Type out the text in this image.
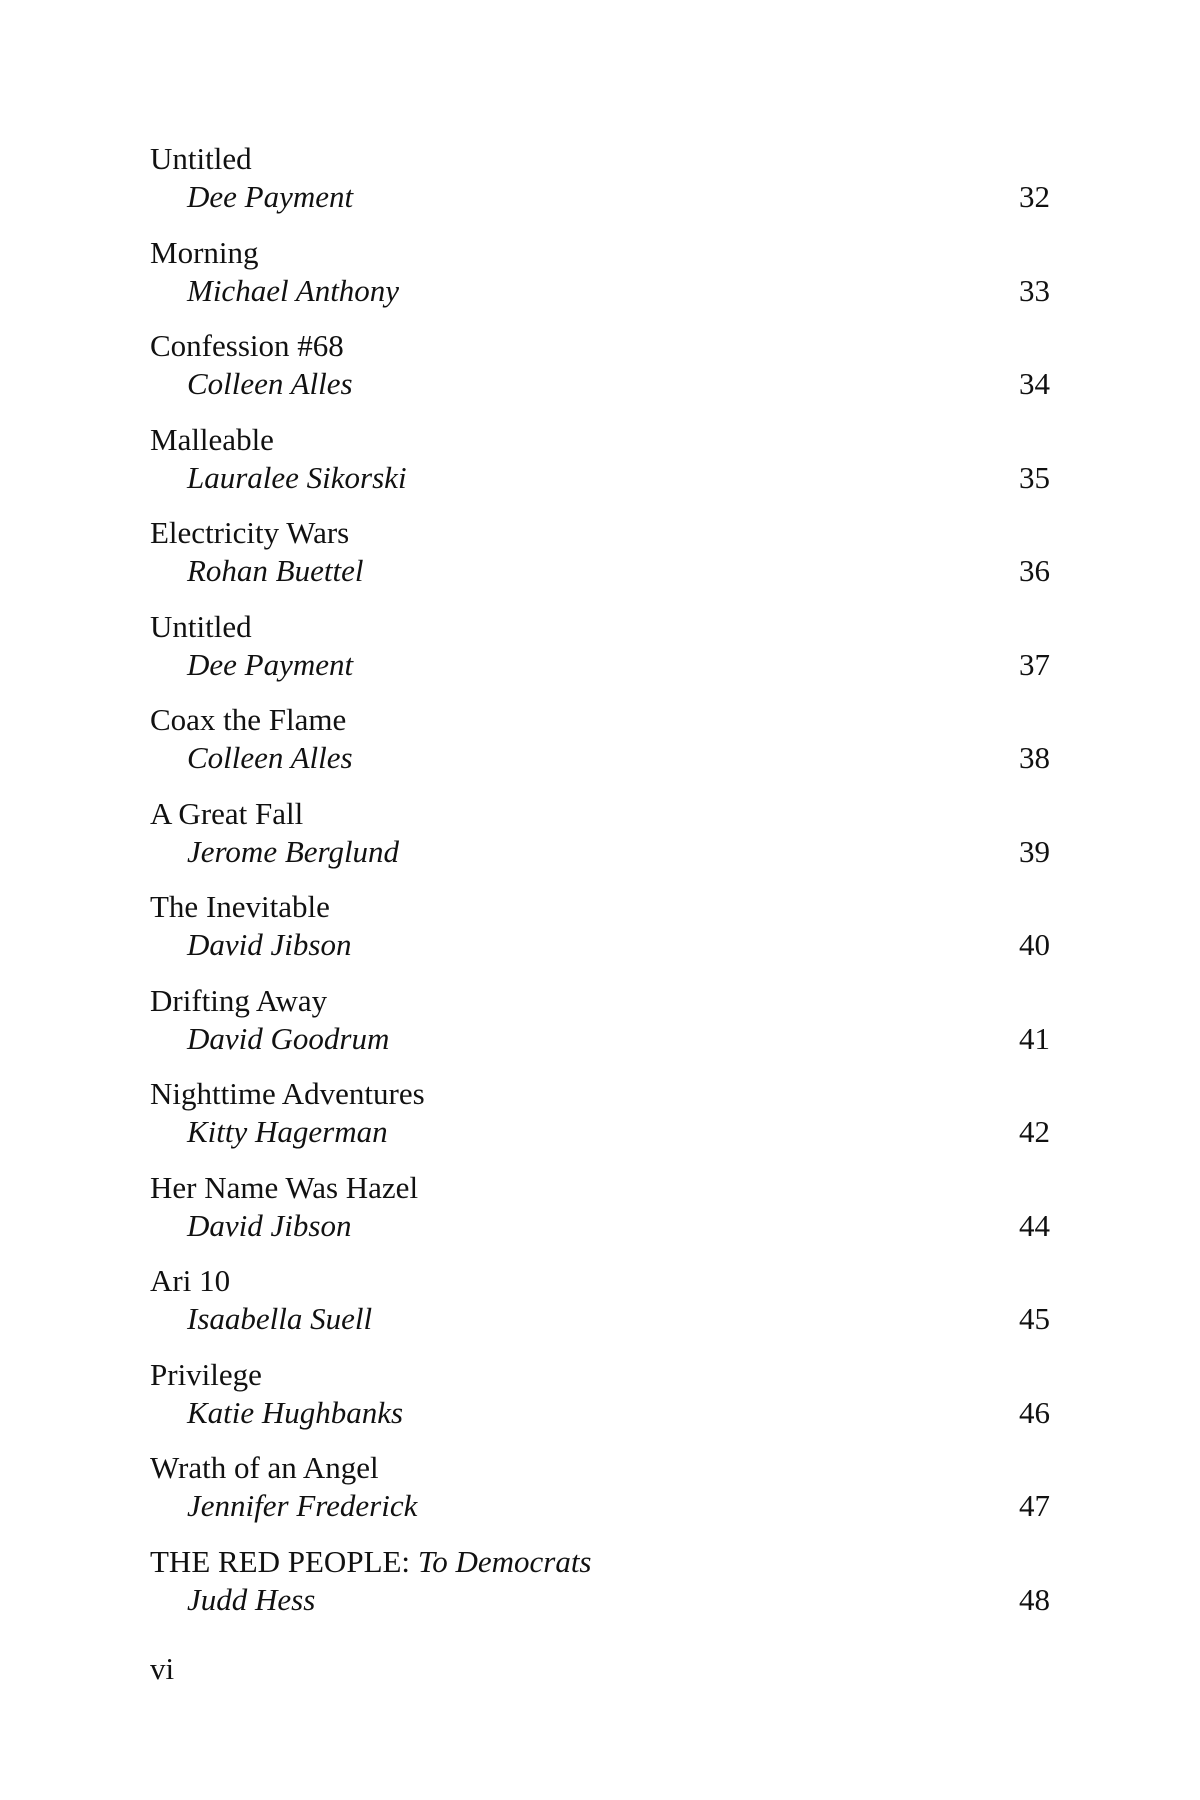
Untitled
Dee Payment	32
Morning
Michael Anthony	33
Confession #68
Colleen Alles	34
Malleable
Lauralee Sikorski	35
Electricity Wars
Rohan Buettel	36
Untitled
Dee Payment	37
Coax the Flame
Colleen Alles	38
A Great Fall
Jerome Berglund	39
The Inevitable
David Jibson	40
Drifting Away
David Goodrum	41
Nighttime Adventures
Kitty Hagerman	42
Her Name Was Hazel
David Jibson	44
Ari 10
Isaabella Suell	45
Privilege
Katie Hughbanks	46
Wrath of an Angel
Jennifer Frederick	47
THE RED PEOPLE: To Democrats
Judd Hess	48
vi
